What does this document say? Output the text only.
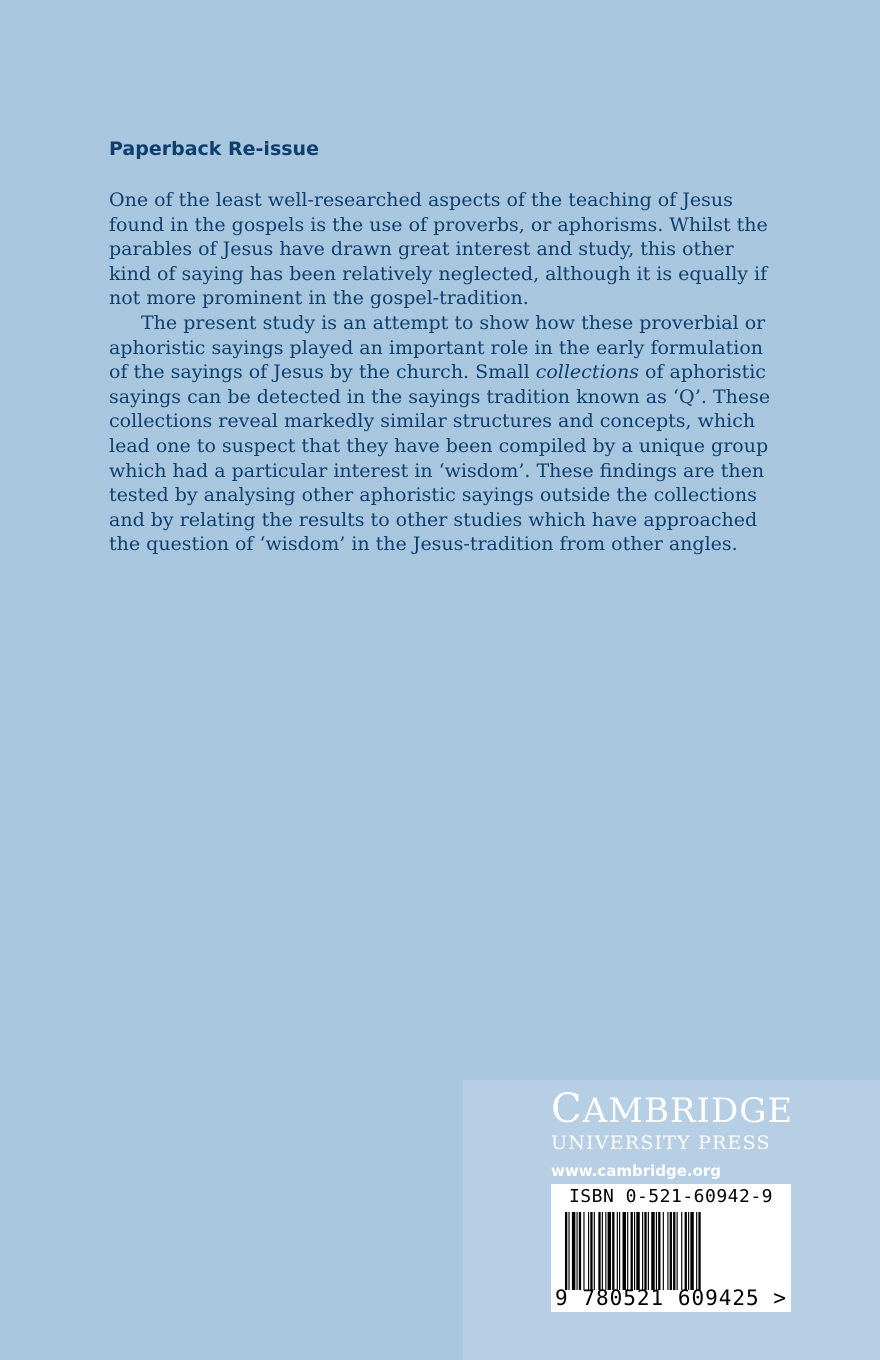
Paperback Re-issue

One of the least well-researched aspects of the teaching of Jesus found in the gospels is the use of proverbs, or aphorisms. Whilst the parables of Jesus have drawn great interest and study, this other kind of saying has been relatively neglected, although it is equally if not more prominent in the gospel-tradition.

The present study is an attempt to show how these proverbial or aphoristic sayings played an important role in the early formulation of the sayings of Jesus by the church. Small collections of aphoristic sayings can be detected in the sayings tradition known as ‘Q’. These collections reveal markedly similar structures and concepts, which lead one to suspect that they have been compiled by a unique group which had a particular interest in ‘wisdom’. These findings are then tested by analysing other aphoristic sayings outside the collections and by relating the results to other studies which have approached the question of ‘wisdom’ in the Jesus-tradition from other angles.

CAMBRIDGE
UNIVERSITY PRESS
www.cambridge.org
ISBN 0-521-60942-9
9 780521 609425 >
